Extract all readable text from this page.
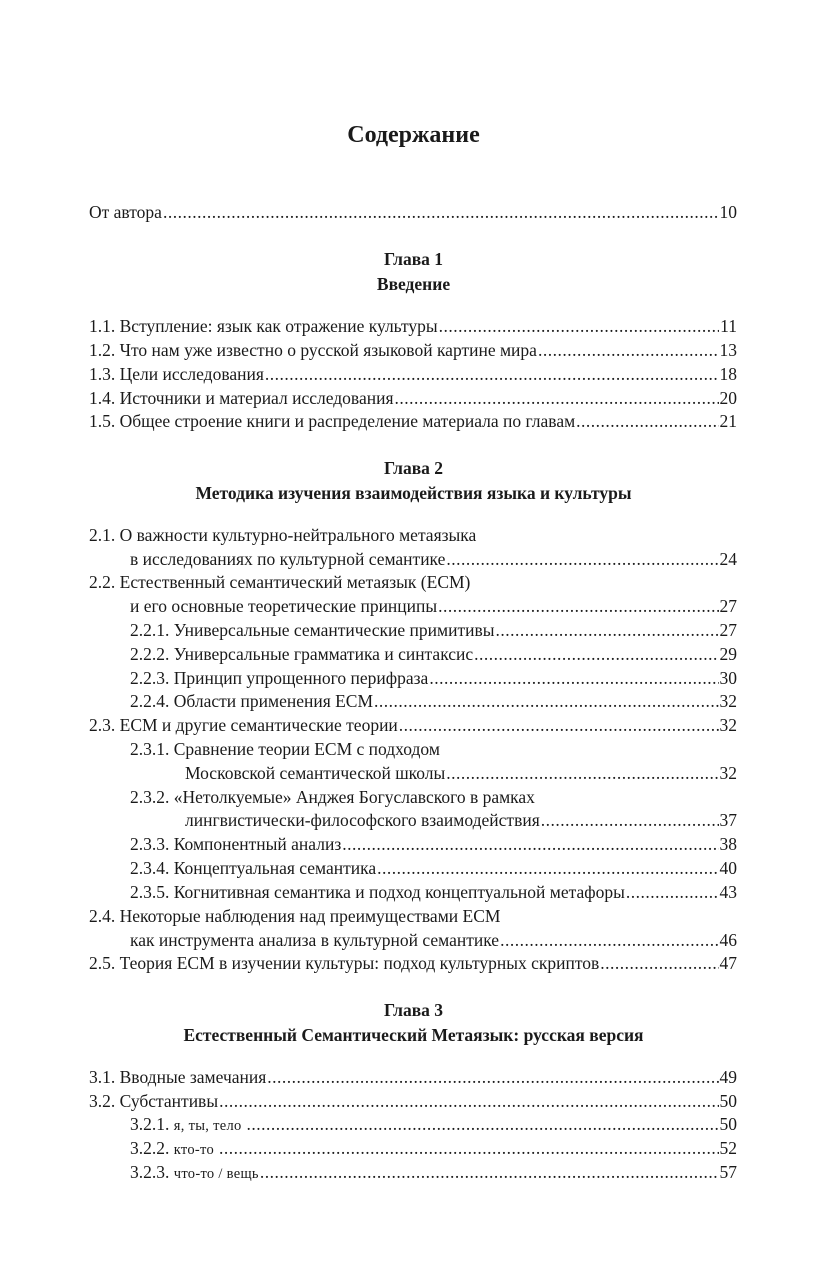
Содержание
От автора .....	10
Глава 1
Введение
1.1. Вступление: язык как отражение культуры .....	11
1.2. Что нам уже известно о русской языковой картине мира .....	13
1.3. Цели исследования .....	18
1.4. Источники и материал исследования .....	20
1.5. Общее строение книги и распределение материала по главам .....	21
Глава 2
Методика изучения взаимодействия языка и культуры
2.1. О важности культурно-нейтрального метаязыка
в исследованиях по культурной семантике .....	24
2.2. Естественный семантический метаязык (ЕСМ)
и его основные теоретические принципы .....	27
2.2.1. Универсальные семантические примитивы .....	27
2.2.2. Универсальные грамматика и синтаксис .....	29
2.2.3. Принцип упрощенного перифраза .....	30
2.2.4. Области применения ЕСМ .....	32
2.3. ЕСМ и другие семантические теории .....	32
2.3.1. Сравнение теории ЕСМ с подходом
Московской семантической школы .....	32
2.3.2. «Нетолкуемые» Анджея Богуславского в рамках
лингвистически-философского взаимодействия .....	37
2.3.3. Компонентный анализ .....	38
2.3.4. Концептуальная семантика .....	40
2.3.5. Когнитивная семантика и подход концептуальной метафоры .....	43
2.4. Некоторые наблюдения над преимуществами ЕСМ
как инструмента анализа в культурной семантике .....	46
2.5. Теория ЕСМ в изучении культуры: подход культурных скриптов .....	47
Глава 3
Естественный Семантический Метаязык: русская версия
3.1. Вводные замечания .....	49
3.2. Субстантивы .....	50
3.2.1. я, ты, тело .....	50
3.2.2. кто-то .....	52
3.2.3. что-то / вещь .....	57
